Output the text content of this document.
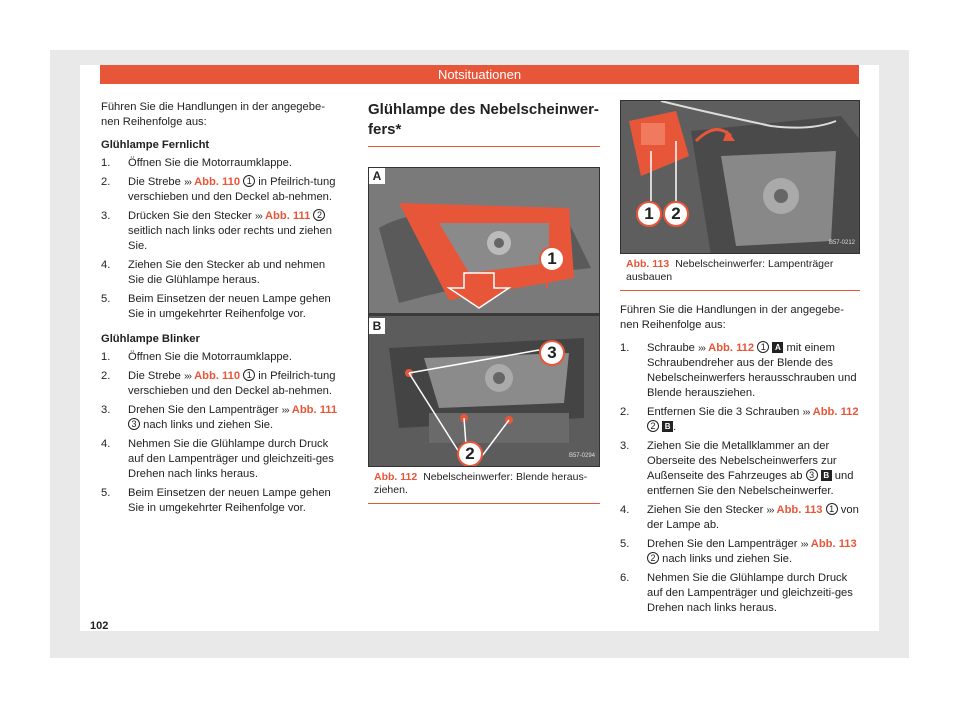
Notsituationen

Führen Sie die Handlungen in der angegebe-nen Reihenfolge aus:

Glühlampe Fernlicht
1. Öffnen Sie die Motorraumklappe.
2. Die Strebe ››› Abb. 110 1 in Pfeilrich-tung verschieben und den Deckel ab-nehmen.
3. Drücken Sie den Stecker ››› Abb. 111 2 seitlich nach links oder rechts und ziehen Sie.
4. Ziehen Sie den Stecker ab und nehmen Sie die Glühlampe heraus.
5. Beim Einsetzen der neuen Lampe gehen Sie in umgekehrter Reihenfolge vor.
Glühlampe Blinker
1. Öffnen Sie die Motorraumklappe.
2. Die Strebe ››› Abb. 110 1 in Pfeilrich-tung verschieben und den Deckel ab-nehmen.
3. Drehen Sie den Lampenträger ››› Abb. 111 3 nach links und ziehen Sie.
4. Nehmen Sie die Glühlampe durch Druck auf den Lampenträger und gleichzeiti-ges Drehen nach links heraus.
5. Beim Einsetzen der neuen Lampe gehen Sie in umgekehrter Reihenfolge vor.
Glühlampe des Nebelscheinwer-fers*
A
B
1
3
2	B57-0294
Abb. 112 Nebelscheinwerfer: Blende heraus-ziehen.
1	2
B57-0212
Abb. 113 Nebelscheinwerfer: Lampenträger ausbauen

Führen Sie die Handlungen in der angegebe-nen Reihenfolge aus:

1. Schraube ››› Abb. 112 1 A mit einem Schraubendreher aus der Blende des Nebelscheinwerfers herausschrauben und Blende herausziehen.
2. Entfernen Sie die 3 Schrauben ››› Abb. 112 2 B .
3. Ziehen Sie die Metallklammer an der Oberseite des Nebelscheinwerfers zur Außenseite des Fahrzeuges ab 3 B und entfernen Sie den Nebelscheinwerfer.
4. Ziehen Sie den Stecker ››› Abb. 113 1 von der Lampe ab.
5. Drehen Sie den Lampenträger ››› Abb. 113 2 nach links und ziehen Sie.
6. Nehmen Sie die Glühlampe durch Druck auf den Lampenträger und gleichzeiti-ges Drehen nach links heraus.
102
